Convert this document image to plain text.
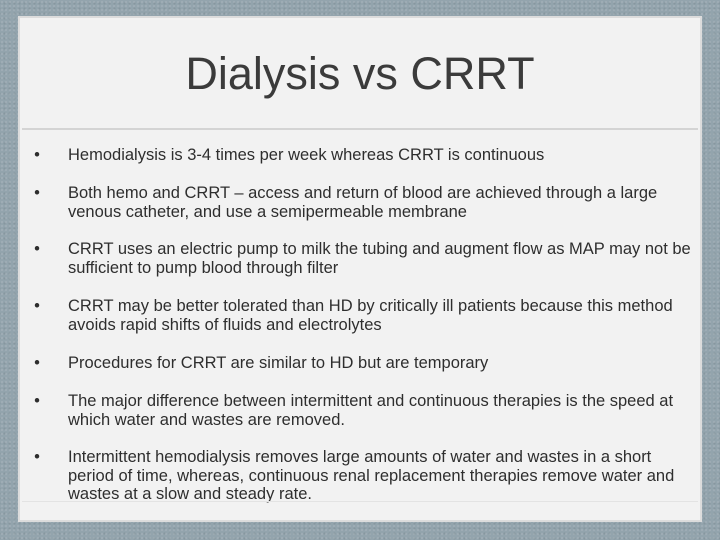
Dialysis vs CRRT
• Hemodialysis is 3-4 times per week whereas CRRT is continuous
• Both hemo and CRRT – access and return of blood are achieved through a large venous catheter, and use a semipermeable membrane
• CRRT uses an electric pump to milk the tubing and augment flow as MAP may not be sufficient to pump blood through filter
• CRRT may be better tolerated than HD by critically ill patients because this method avoids rapid shifts of fluids and electrolytes
• Procedures for CRRT are similar to HD but are temporary
• The major difference between intermittent and continuous therapies is the speed at which water and wastes are removed.
• Intermittent hemodialysis removes large amounts of water and wastes in a short period of time, whereas, continuous renal replacement therapies remove water and wastes at a slow and steady rate.
